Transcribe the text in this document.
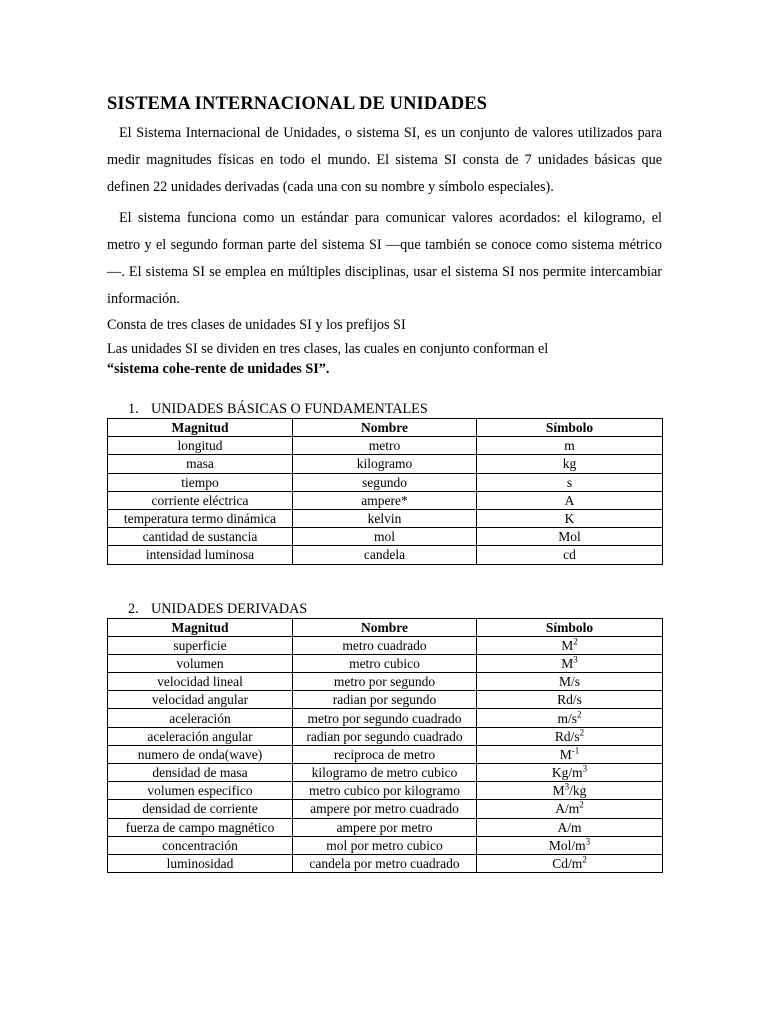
SISTEMA INTERNACIONAL DE UNIDADES

El Sistema Internacional de Unidades, o sistema SI, es un conjunto de valores utilizados para medir magnitudes físicas en todo el mundo. El sistema SI consta de 7 unidades básicas que definen 22 unidades derivadas (cada una con su nombre y símbolo especiales).

El sistema funciona como un estándar para comunicar valores acordados: el kilogramo, el metro y el segundo forman parte del sistema SI —que también se conoce como sistema métrico—. El sistema SI se emplea en múltiples disciplinas, usar el sistema SI nos permite intercambiar información.

Consta de tres clases de unidades SI y los prefijos SI

Las unidades SI se dividen en tres clases, las cuales en conjunto conforman el

“sistema cohe-rente de unidades SI”.

1. UNIDADES BÁSICAS O FUNDAMENTALES
Magnitud	Nombre	Símbolo
longitud	metro	m
masa	kilogramo	kg
tiempo	segundo	s
corriente eléctrica	ampere*	A
temperatura termo dinámica	kelvin	K
cantidad de sustancia	mol	Mol
intensidad luminosa	candela	cd
2. UNIDADES DERIVADAS
Magnitud	Nombre	Símbolo
superficie	metro cuadrado	$M^2$
volumen	metro cubico	$M^3$
velocidad lineal	metro por segundo	M/s
velocidad angular	radian por segundo	Rd/s
aceleración	metro por segundo cuadrado	$m/s^2$
aceleración angular	radian por segundo cuadrado	$Rd/s^2$
numero de onda(wave)	reciproca de metro	$M^{-1}$
densidad de masa	kilogramo de metro cubico	$Kg/m^3$
volumen especifico	metro cubico por kilogramo	$M^3/kg$
densidad de corriente	ampere por metro cuadrado	$A/m^2$
fuerza de campo magnético	ampere por metro	A/m
concentración	mol por metro cubico	Mol/$m^3$
luminosidad	candela por metro cuadrado	$Cd/m^2$
